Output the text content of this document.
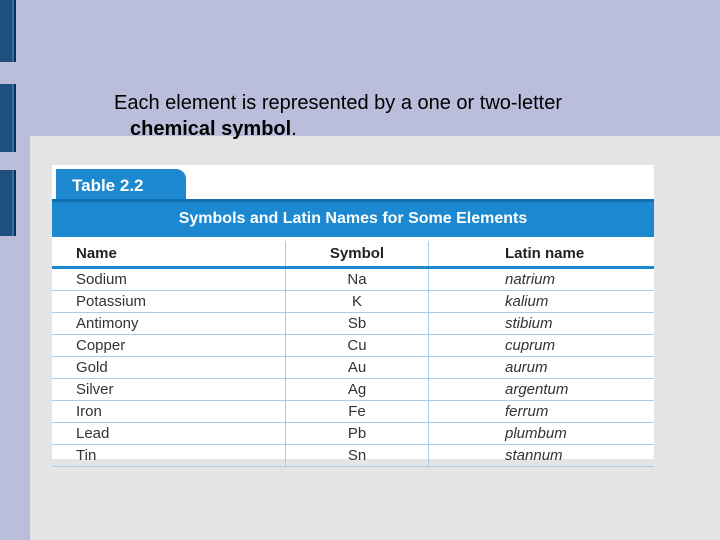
Each element is represented by a one or two-letter
chemical symbol.
Table 2.2
Symbols and Latin Names for Some Elements
Name	Symbol	Latin name
Sodium	Na	natrium
Potassium	K	kalium
Antimony	Sb	stibium
Copper	Cu	cuprum
Gold	Au	aurum
Silver	Ag	argentum
Iron	Fe	ferrum
Lead	Pb	plumbum
Tin	Sn	stannum
